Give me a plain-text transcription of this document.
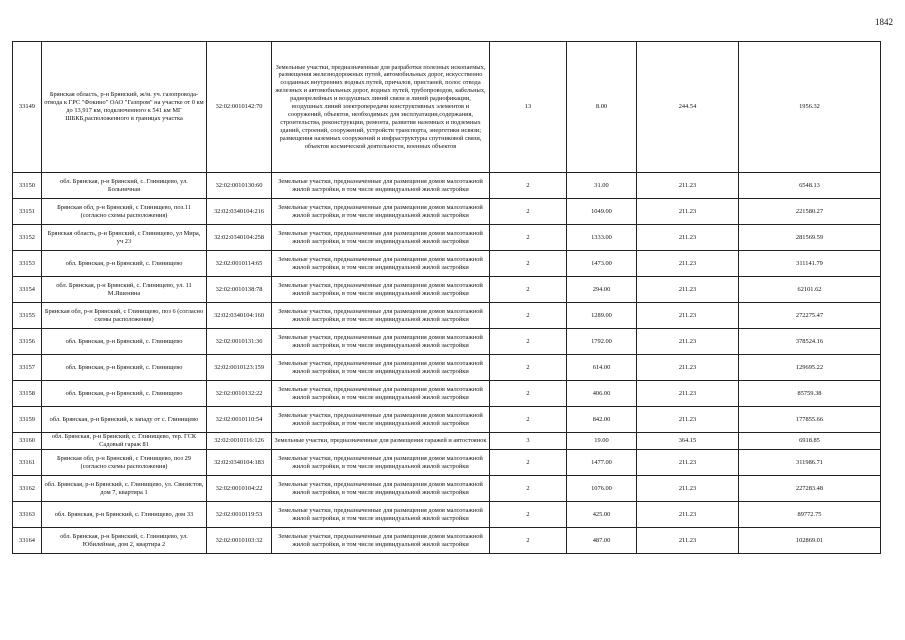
1842
33149	Брянская область, р-н Брянский, ж/м. уч. газопровода-отвода к ГРС "Фокино" ОАО "Газпром" на участке от 0 км до 13,917 км, подключенного к 541 км МГ ШБКБ,расположенного в границах участка	32:02:0010142:70	Земельные участки, предназначенные для разработки полезных ископаемых, размещения железнодорожных путей, автомобильных дорог, искусственно созданных внутренних водных путей, причалов, пристаней, полос отвода железных и автомобильных дорог, водных путей, трубопроводов, кабельных, радиорелейных и воздушных линий связи и линий радиофикации, воздушных линий электропередачи конструктивных элементов и сооружений, объектов, необходимых для эксплуатации,содержания, строительства, реконструкции, ремонта, развития наземных и подземных зданий, строений, сооружений, устройств транспорта, энергетики исвязи; размещения наземных сооружений и инфраструктуры спутниковой связи, объектов космической деятельности, военных объектов	13	8.00	244.54	1956.32
33150	обл. Брянская, р-н Брянский, с. Глинищево, ул. Больничная	32:02:0010130:60	Земельные участки, предназначенные для размещения домов малоэтажной жилой застройки, в том числе индивидуальной жилой застройки	2	31.00	211.23	6548.13
33151	Брянская обл, р-н Брянский, с Глинищево, поз.11 (согласно схемы расположения)	32:02:0340104:216	Земельные участки, предназначенные для размещения домов малоэтажной жилой застройки, в том числе индивидуальной жилой застройки	2	1049.00	211.23	221580.27
33152	Брянская область, р-н Брянский, с Глинищево, ул Мира, уч 23	32:02:0340104:258	Земельные участки, предназначенные для размещения домов малоэтажной жилой застройки, в том числе индивидуальной жилой застройки	2	1333.00	211.23	281569.59
33153	обл. Брянская, р-н Брянский, с. Глинищево	32:02:0010114:65	Земельные участки, предназначенные для размещения домов малоэтажной жилой застройки, в том числе индивидуальной жилой застройки	2	1473.00	211.23	311141.79
33154	обл. Брянская, р-н Брянский, с. Глинищево, ул. 11 М.Яшенина	32:02:0010138:78	Земельные участки, предназначенные для размещения домов малоэтажной жилой застройки, в том числе индивидуальной жилой застройки	2	294.00	211.23	62101.62
33155	Брянская обл, р-н Брянский, с Глинищево, поз 6 (согласно схемы расположения)	32:02:0340104:160	Земельные участки, предназначенные для размещения домов малоэтажной жилой застройки, в том числе индивидуальной жилой застройки	2	1289.00	211.23	272275.47
33156	обл. Брянская, р-н Брянский, с. Глинищево	32:02:0010131:36	Земельные участки, предназначенные для размещения домов малоэтажной жилой застройки, в том числе индивидуальной жилой застройки	2	1792.00	211.23	378524.16
33157	обл. Брянская, р-н Брянский, с. Глинищево	32:02:0010123:159	Земельные участки, предназначенные для размещения домов малоэтажной жилой застройки, в том числе индивидуальной жилой застройки	2	614.00	211.23	129695.22
33158	обл. Брянская, р-н Брянский, с. Глинищево	32:02:0010132:22	Земельные участки, предназначенные для размещения домов малоэтажной жилой застройки, в том числе индивидуальной жилой застройки	2	406.00	211.23	85759.38
33159	обл. Брянская, р-н Брянский, к западу от с. Глинищево	32:02:0010110:54	Земельные участки, предназначенные для размещения домов малоэтажной жилой застройки, в том числе индивидуальной жилой застройки	2	842.00	211.23	177855.66
33160	обл. Брянская, р-н Брянский, с. Глинищево, тер. ГСК Садовый гараж 81	32:02:0010116:126	Земельные участки, предназначенные для размещения гаражей и автостоянок	3	19.00	364.15	6918.85
33161	Брянская обл, р-н Брянский, с Глинищево, поз 29 (согласно схемы расположения)	32:02:0340104:183	Земельные участки, предназначенные для размещения домов малоэтажной жилой застройки, в том числе индивидуальной жилой застройки	2	1477.00	211.23	311986.71
33162	обл. Брянская, р-н Брянский, с. Глинищево, ул. Связистов, дом 7, квартира 1	32:02:0010104:22	Земельные участки, предназначенные для размещения домов малоэтажной жилой застройки, в том числе индивидуальной жилой застройки	2	1076.00	211.23	227283.48
33163	обл. Брянская, р-н Брянский, с. Глинищево, дом 33	32:02:0010119:53	Земельные участки, предназначенные для размещения домов малоэтажной жилой застройки, в том числе индивидуальной жилой застройки	2	425.00	211.23	89772.75
33164	обл. Брянская, р-н Брянский, с. Глинищево, ул. Юбилейная, дом 2, квартира 2	32:02:0010103:32	Земельные участки, предназначенные для размещения домов малоэтажной жилой застройки, в том числе индивидуальной жилой застройки	2	487.00	211.23	102869.01
